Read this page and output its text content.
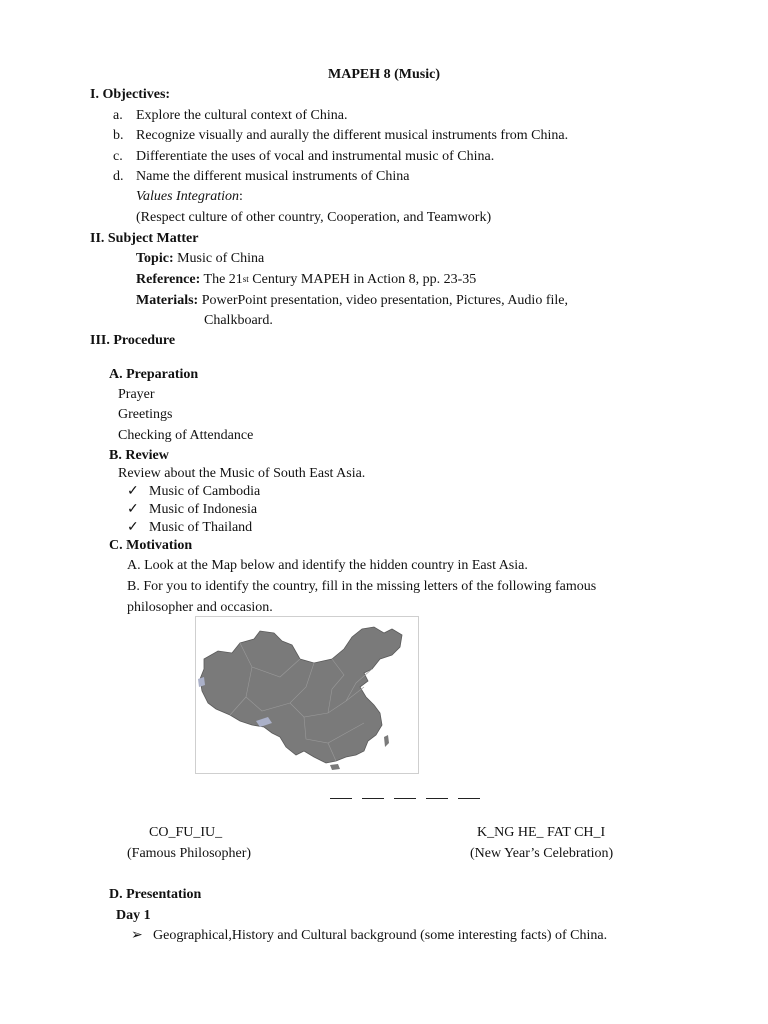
MAPEH 8 (Music)
I. Objectives:
a. Explore the cultural context of China.
b. Recognize visually and aurally the different musical instruments from China.
c. Differentiate the uses of vocal and instrumental music of China.
d. Name the different musical instruments of China
Values Integration:
(Respect culture of other country, Cooperation, and Teamwork)
II. Subject Matter
Topic: Music of China
Reference: The 21st Century MAPEH in Action 8, pp. 23-35
Materials: PowerPoint presentation, video presentation, Pictures, Audio file,
Chalkboard.
III. Procedure
A. Preparation
Prayer
Greetings
Checking of Attendance
B. Review
Review about the Music of South East Asia.
✓ Music of Cambodia
✓ Music of Indonesia
✓ Music of Thailand
C. Motivation
A. Look at the Map below and identify the hidden country in East Asia.
B. For you to identify the country, fill in the missing letters of the following famous
philosopher and occasion.
CO_FU_IU_
(Famous Philosopher)
K_NG HE_ FAT CH_I
(New Year’s Celebration)
D. Presentation
Day 1
➢ Geographical,History and Cultural background (some interesting facts) of China.
